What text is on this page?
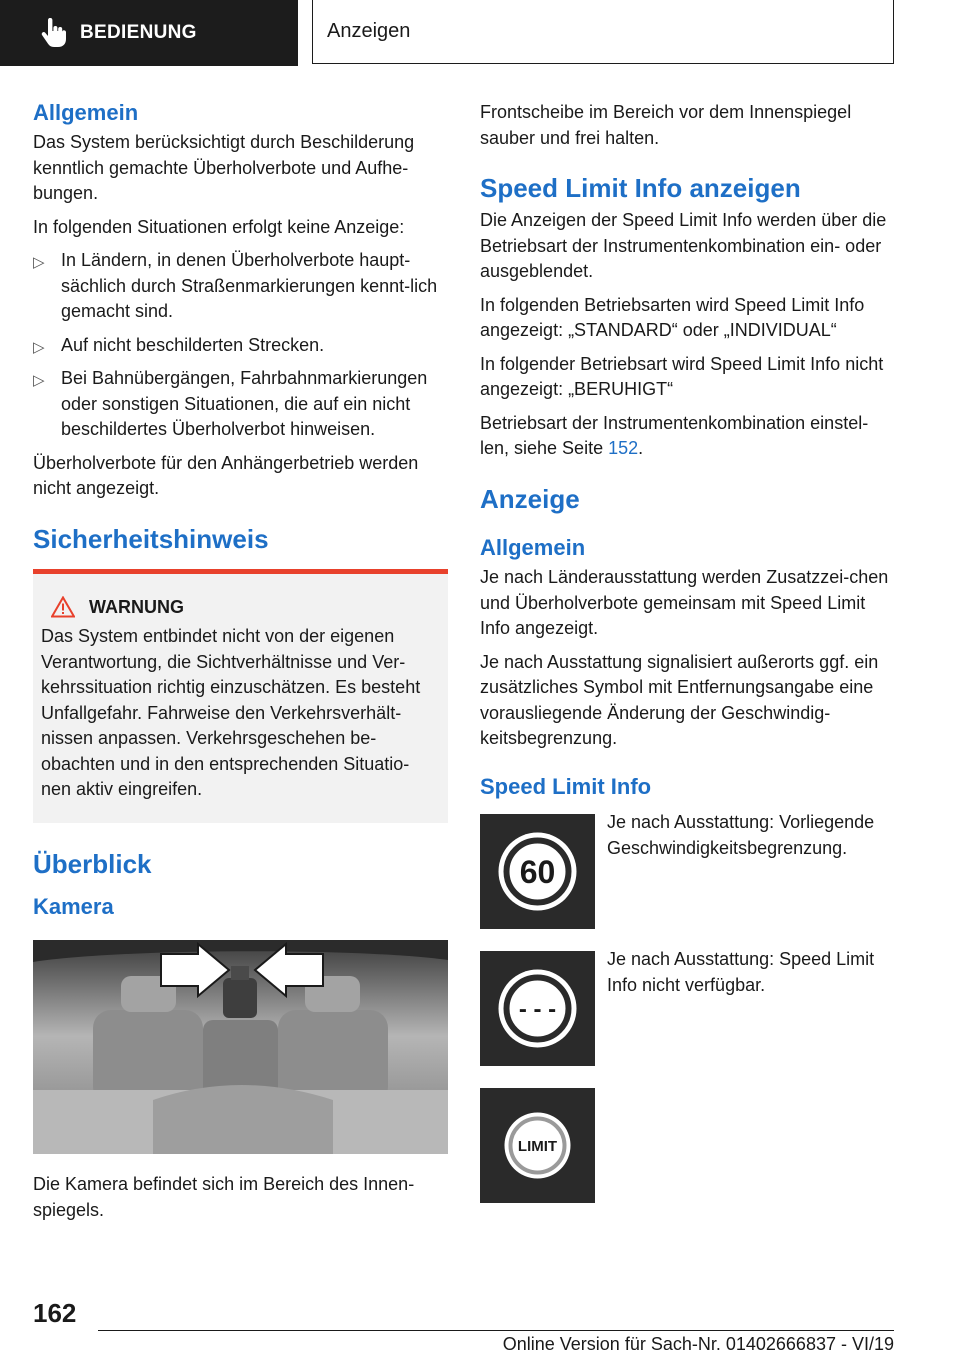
BEDIENUNG	Anzeigen
Allgemein

Das System berücksichtigt durch Beschilderung kenntlich gemachte Überholverbote und Aufhe-bungen.

In folgenden Situationen erfolgt keine Anzeige:

▷ In Ländern, in denen Überholverbote haupt-sächlich durch Straßenmarkierungen kennt-lich gemacht sind.
▷ Auf nicht beschilderten Strecken.
▷ Bei Bahnübergängen, Fahrbahnmarkierungen oder sonstigen Situationen, die auf ein nicht beschildertes Überholverbot hinweisen.

Überholverbote für den Anhängerbetrieb werden nicht angezeigt.

Sicherheitshinweis
WARNUNG

Das System entbindet nicht von der eigenen Verantwortung, die Sichtverhältnisse und Ver-kehrssituation richtig einzuschätzen. Es besteht Unfallgefahr. Fahrweise den Verkehrsverhält-nissen anpassen. Verkehrsgeschehen be-obachten und in den entsprechenden Situatio-nen aktiv eingreifen.

Überblick
Kamera

Die Kamera befindet sich im Bereich des Innen-spiegels.

Frontscheibe im Bereich vor dem Innenspiegel sauber und frei halten.

Speed Limit Info anzeigen

Die Anzeigen der Speed Limit Info werden über die Betriebsart der Instrumentenkombination ein- oder ausgeblendet.

In folgenden Betriebsarten wird Speed Limit Info angezeigt: „STANDARD“ oder „INDIVIDUAL“

In folgender Betriebsart wird Speed Limit Info nicht angezeigt: „BERUHIGT“

Betriebsart der Instrumentenkombination einstel-len, siehe Seite 152.

Anzeige
Allgemein

Je nach Länderausstattung werden Zusatzzei-chen und Überholverbote gemeinsam mit Speed Limit Info angezeigt.

Je nach Ausstattung signalisiert außerorts ggf. ein zusätzliches Symbol mit Entfernungsangabe eine vorausliegende Änderung der Geschwindig-keitsbegrenzung.

Speed Limit Info
60

Je nach Ausstattung: Vorliegende Geschwindigkeitsbegrenzung.

- - -

Je nach Ausstattung: Speed Limit Info nicht verfügbar.

LIMIT

162
Online Version für Sach-Nr. 01402666837 - VI/19
